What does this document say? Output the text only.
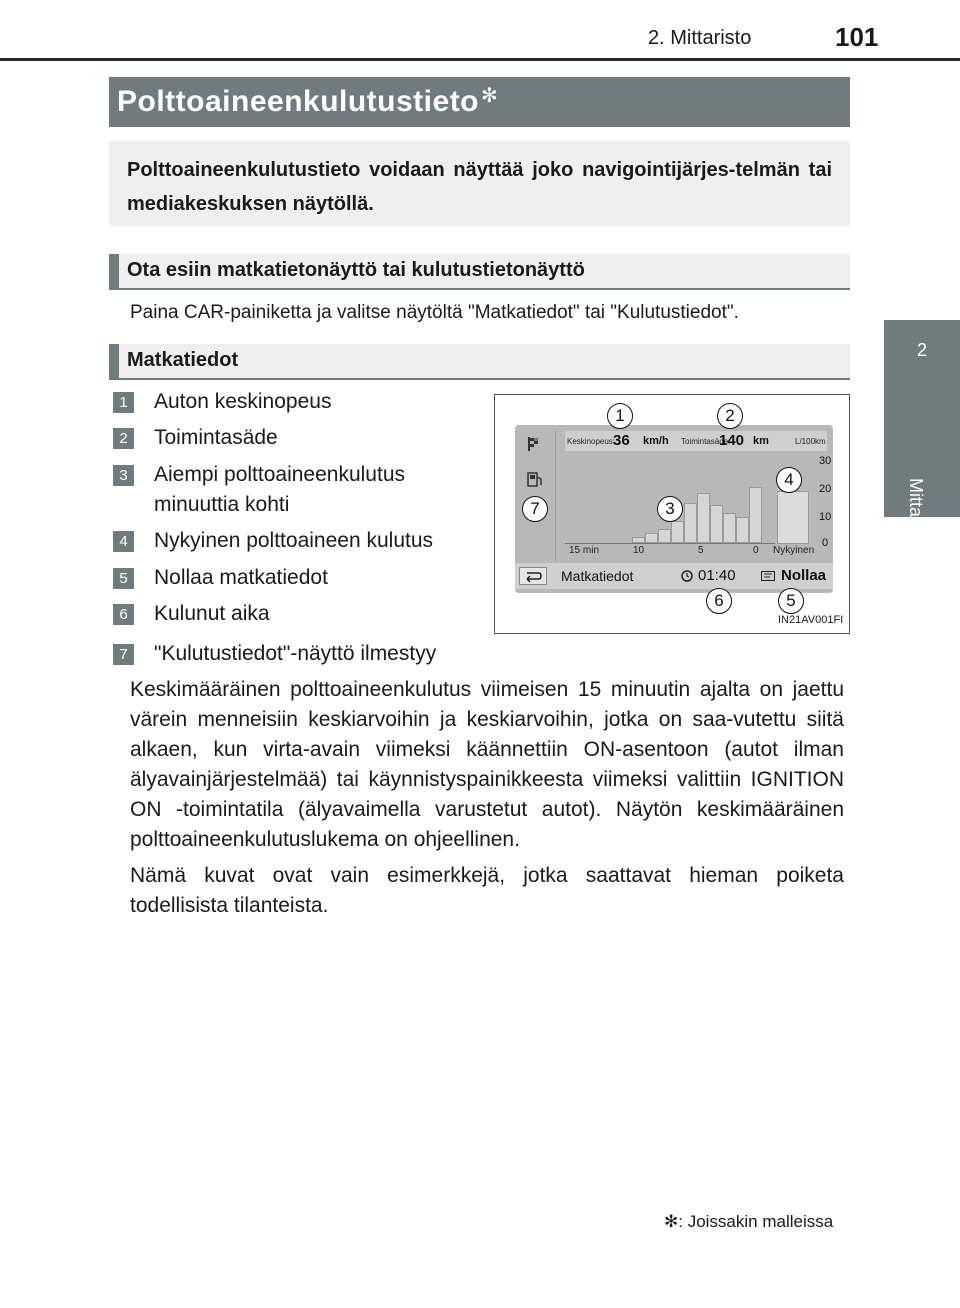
2. Mittaristo	101
2
Mittaristo
Polttoaineenkulutustieto ✻
Polttoaineenkulutustieto voidaan näyttää joko navigointijärjes-telmän tai mediakeskuksen näytöllä.
Ota esiin matkatietonäyttö tai kulutustietonäyttö
Paina CAR-painiketta ja valitse näytöltä "Matkatiedot" tai "Kulutustiedot".
Matkatiedot
1	Auton keskinopeus
2	Toimintasäde
3	Aiempi polttoaineenkulutus
minuuttia kohti
4	Nykyinen polttoaineen kulutus
5	Nollaa matkatiedot
6	Kulunut aika
7	"Kulutustiedot"-näyttö ilmestyy
Keskinopeus:
36 km/h Toimintasäde:
140 km	L/100km
30
20
10
0
15 min	10	5	0 Nykyinen
Matkatiedot	01:40	Nollaa
1	2
3
4
5
6
7
IN21AV001FI
Keskimääräinen polttoaineenkulutus viimeisen 15 minuutin ajalta on jaettu värein menneisiin keskiarvoihin ja keskiarvoihin, jotka on saa-vutettu siitä alkaen, kun virta-avain viimeksi käännettiin ON-asentoon (autot ilman älyavainjärjestelmää) tai käynnistyspainikkeesta viimeksi valittiin IGNITION ON -toimintatila (älyavaimella varustetut autot). Näytön keskimääräinen polttoaineenkulutuslukema on ohjeellinen.
Nämä kuvat ovat vain esimerkkejä, jotka saattavat hieman poiketa todellisista tilanteista.
✻: Joissakin malleissa
